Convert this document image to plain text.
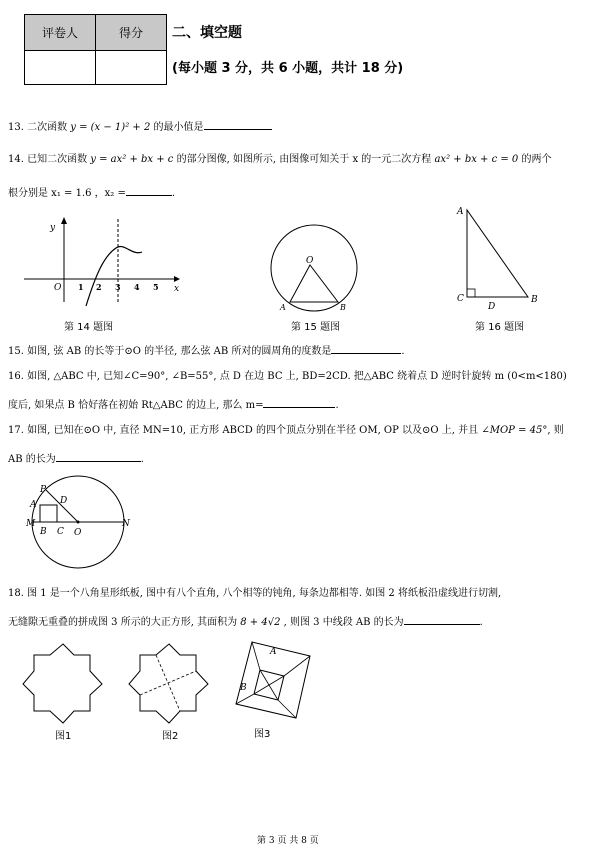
评卷人	得分
	二、填空题
(每小题 3 分，共 6 小题，共计 18 分)
13. 二次函数 y = (x − 1)² + 2 的最小值是
14. 已知二次函数 y = ax² + bx + c 的部分图像, 如图所示, 由图像可知关于 x 的一元二次方程 ax² + bx + c = 0 的两个
根分别是 x₁ = 1.6 ，x₂ =	.
y
x
O 1 2 3 4 5
第 14 题图
O
A	B
第 15 题图
A
C	B
D
第 16 题图
15. 如图, 弦 AB 的长等于⊙O 的半径, 那么弦 AB 所对的圆周角的度数是	.
16. 如图, △ABC 中, 已知∠C=90°, ∠B=55°, 点 D 在边 BC 上, BD=2CD. 把△ABC 绕着点 D 逆时针旋转 m (0<m<180)
度后, 如果点 B 恰好落在初始 Rt△ABC 的边上, 那么 m=	.
17. 如图, 已知在⊙O 中, 直径 MN=10, 正方形 ABCD 的四个顶点分别在半径 OM, OP 以及⊙O 上, 并且 ∠MOP = 45°, 则
AB 的长为	.
P
A	D
M	N
B C O
18. 图 1 是一个八角星形纸板, 图中有八个直角, 八个相等的钝角, 每条边都相等. 如图 2 将纸板沿虚线进行切割,
无缝隙无重叠的拼成图 3 所示的大正方形, 其面积为 8 + 4√2 , 则图 3 中线段 AB 的长为	.
图1	图2
A
B
图3
第 3 页 共 8 页
